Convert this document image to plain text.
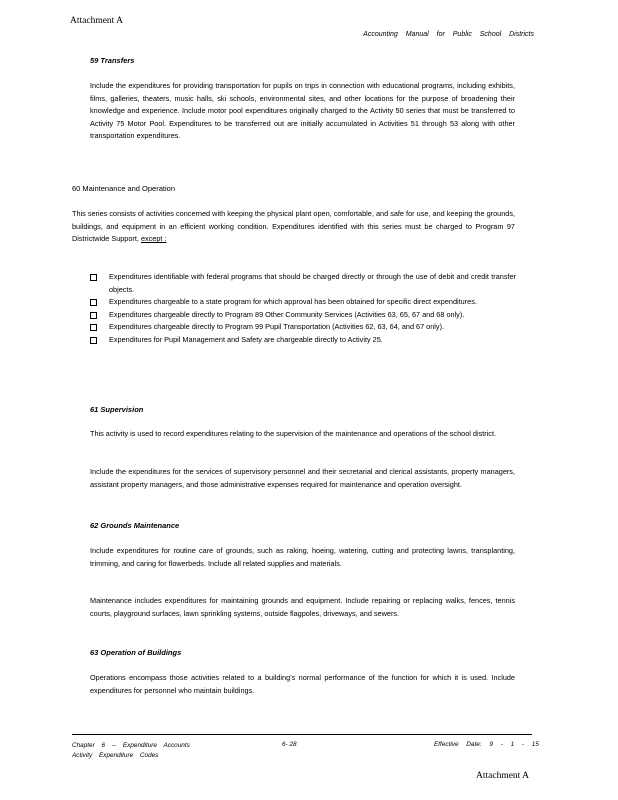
Attachment A
Accounting Manual for Public School Districts
59 Transfers
Include the expenditures for providing transportation for pupils on trips in connection with educational programs, including exhibits, films, galleries, theaters, music halls, ski schools, environmental sites, and other locations for the purpose of broadening their knowledge and experience. Include motor pool expenditures originally charged to the Activity 50 series that must be transferred to Activity 75 Motor Pool. Expenditures to be transferred out are initially accumulated in Activities 51 through 53 along with other transportation expenditures.
60 Maintenance and Operation
This series consists of activities concerned with keeping the physical plant open, comfortable, and safe for use, and keeping the grounds, buildings, and equipment in an efficient working condition. Expenditures identified with this series must be charged to Program 97 Districtwide Support, except :
Expenditures identifiable with federal programs that should be charged directly or through the use of debit and credit transfer objects.
Expenditures chargeable to a state program for which approval has been obtained for specific direct expenditures.
Expenditures chargeable directly to Program 89 Other Community Services (Activities 63, 65, 67 and 68 only).
Expenditures chargeable directly to Program 99 Pupil Transportation (Activities 62, 63, 64, and 67 only).
Expenditures for Pupil Management and Safety are chargeable directly to Activity 25.
61 Supervision
This activity is used to record expenditures relating to the supervision of the maintenance and operations of the school district.
Include the expenditures for the services of supervisory personnel and their secretarial and clerical assistants, property managers, assistant property managers, and those administrative expenses required for maintenance and operation oversight.
62 Grounds Maintenance
Include expenditures for routine care of grounds, such as raking, hoeing, watering, cutting and protecting lawns, transplanting, trimming, and caring for flowerbeds. Include all related supplies and materials.
Maintenance includes expenditures for maintaining grounds and equipment. Include repairing or replacing walks, fences, tennis courts, playground surfaces, lawn sprinkling systems, outside flagpoles, driveways, and sewers.
63 Operation of Buildings
Operations encompass those activities related to a building’s normal performance of the function for which it is used. Include expenditures for personnel who maintain buildings.
Chapter 6 -- Expenditure Accounts
Activity Expenditure Codes
6- 28	Effective Date: 9 - 1 - 15
Attachment A
